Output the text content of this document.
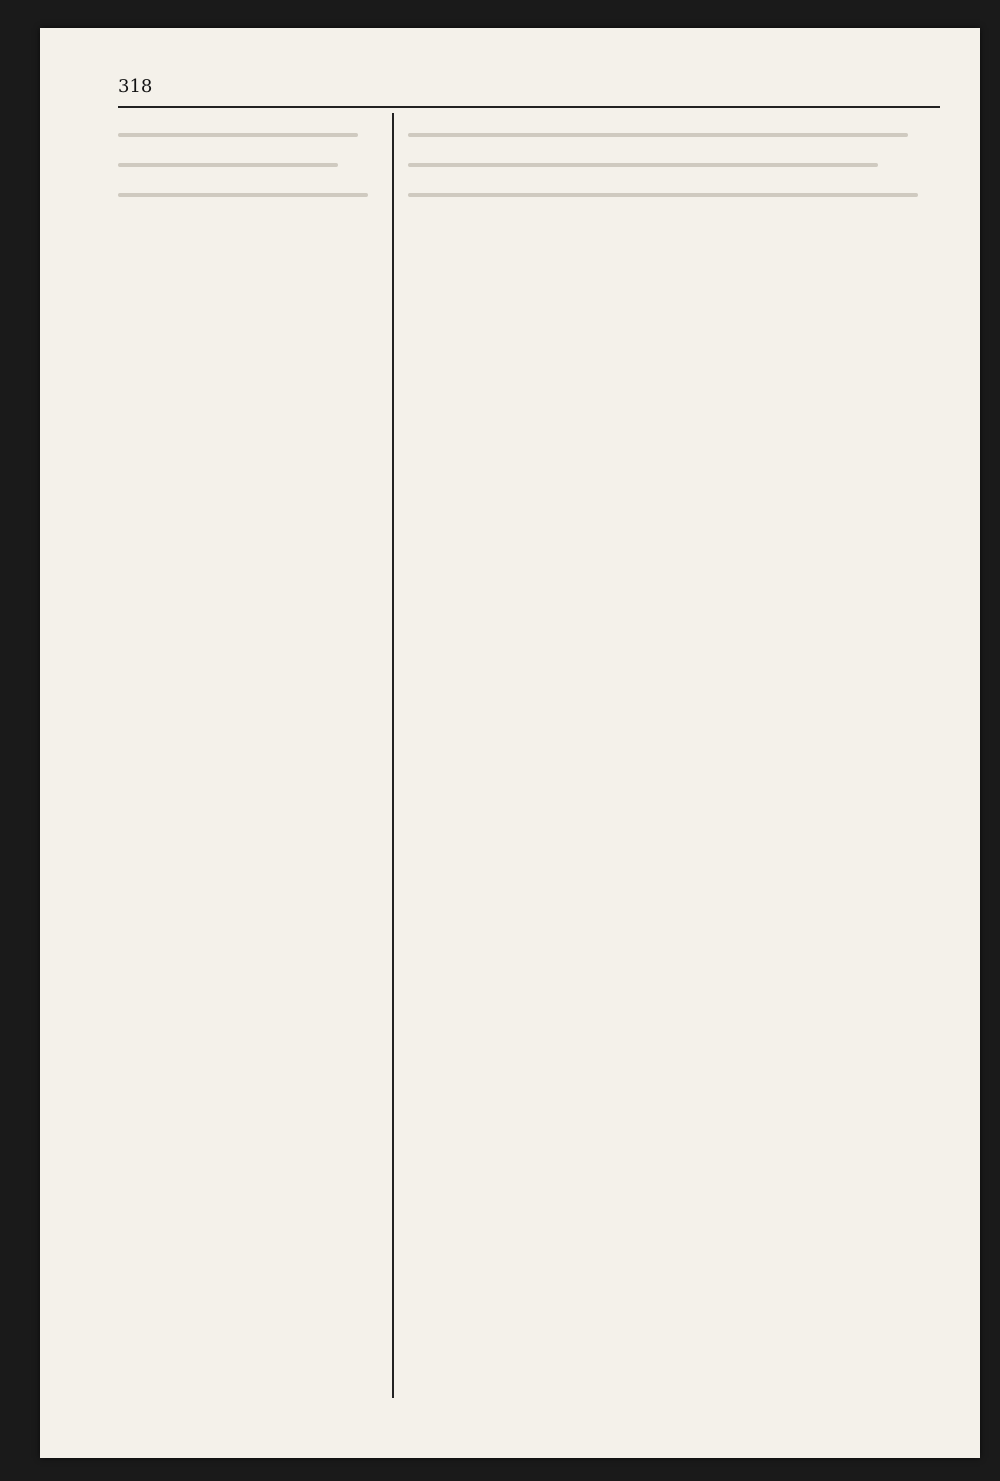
318
